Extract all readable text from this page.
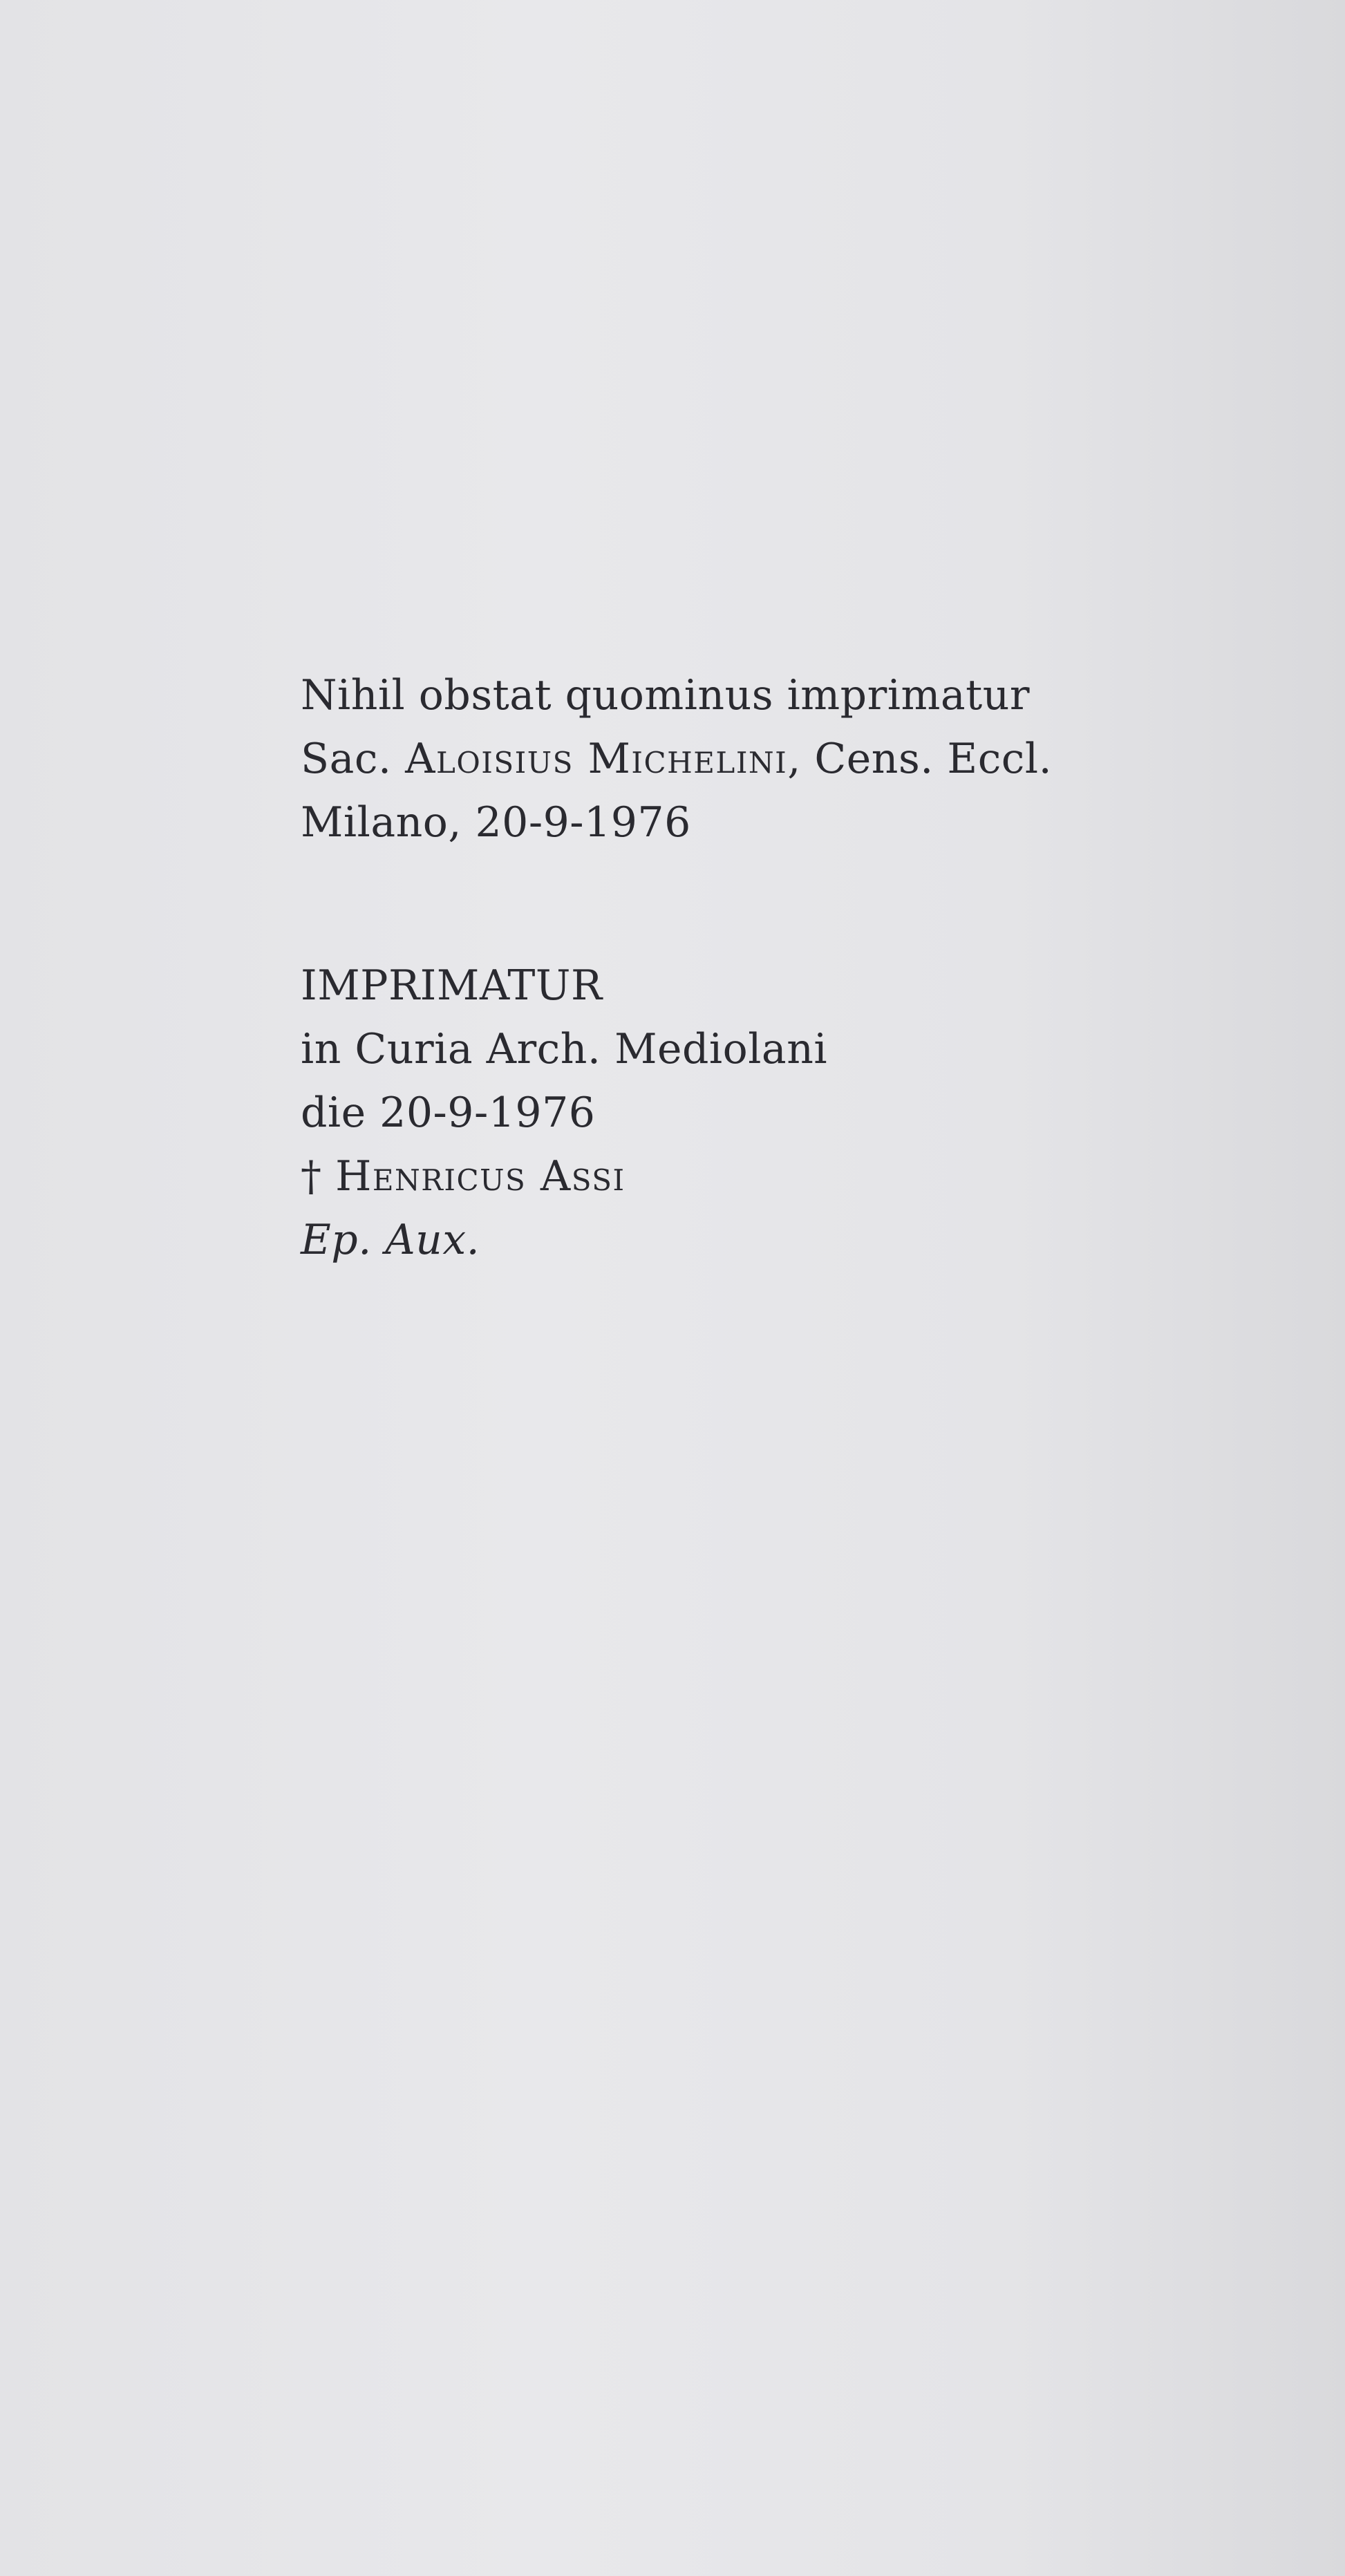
Nihil obstat quominus imprimatur
Sac. Aloisius Michelini, Cens. Eccl.
Milano, 20-9-1976
IMPRIMATUR
in Curia Arch. Mediolani
die 20-9-1976
† Henricus Assi
Ep. Aux.
